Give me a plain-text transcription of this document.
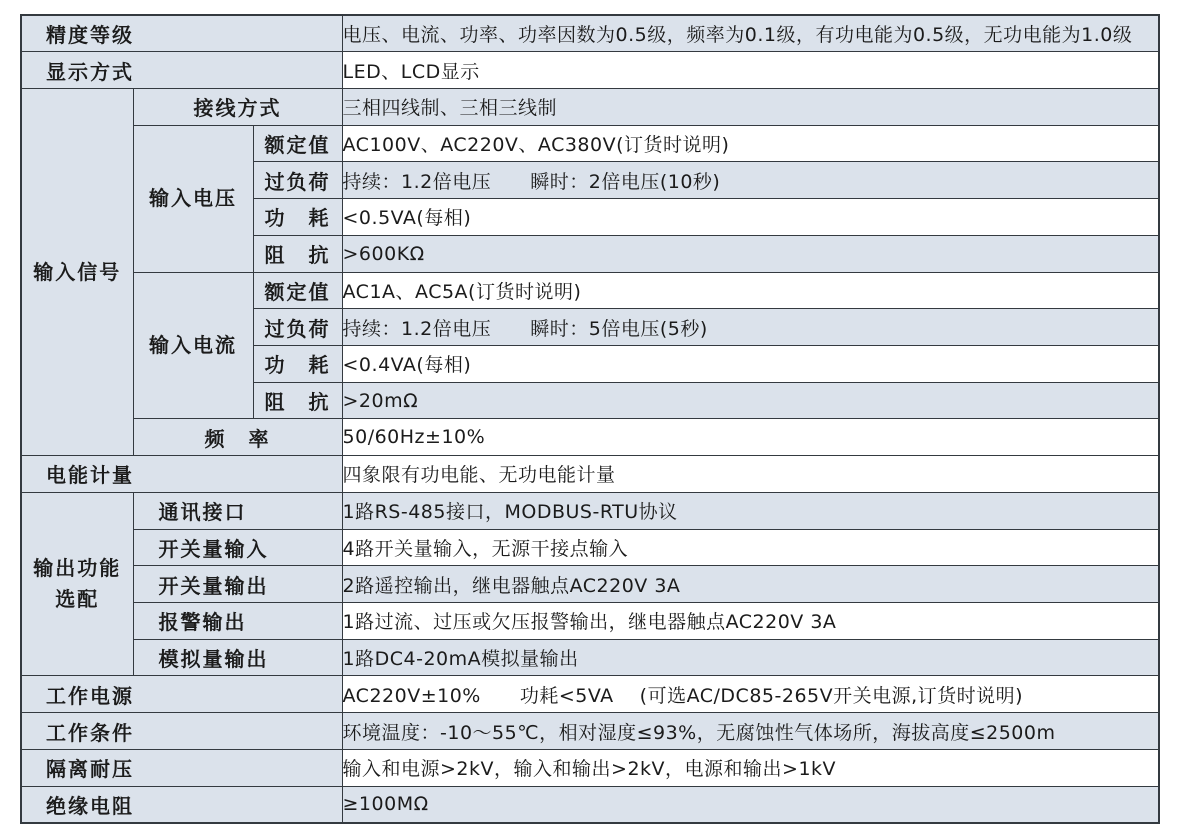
精度等级			电压、电流、功率、功率因数为0.5级，频率为0.1级，有功电能为0.5级，无功电能为1.0级
显示方式			LED、LCD显示

输入信号	接线方式		三相四线制、三相三线制

	输入电压	额定值	AC100V、AC220V、AC380V(订货时说明)
		过负荷	持续：1.2倍电压　　瞬时：2倍电压(10秒)
		功　耗	<0.5VA(每相)
		阻　抗	>600KΩ

	输入电流	额定值	AC1A、AC5A(订货时说明)
		过负荷	持续：1.2倍电压　　瞬时：5倍电压(5秒)
		功　耗	<0.4VA(每相)
		阻　抗	>20mΩ
	频　率		50/60Hz±10%
电能计量			四象限有功电能、无功电能计量

输出功能选配	通讯接口		1路RS-485接口，MODBUS-RTU协议
	开关量输入		4路开关量输入，无源干接点输入
	开关量输出		2路遥控输出，继电器触点AC220V 3A
	报警输出		1路过流、过压或欠压报警输出，继电器触点AC220V 3A
	模拟量输出		1路DC4-20mA模拟量输出
工作电源			AC220V±10%　　功耗<5VA　 (可选AC/DC85-265V开关电源,订货时说明)
工作条件			环境温度：-10～55℃，相对湿度≤93%，无腐蚀性气体场所，海拔高度≤2500m
隔离耐压			输入和电源>2kV，输入和输出>2kV，电源和输出>1kV
绝缘电阻			≥100MΩ
